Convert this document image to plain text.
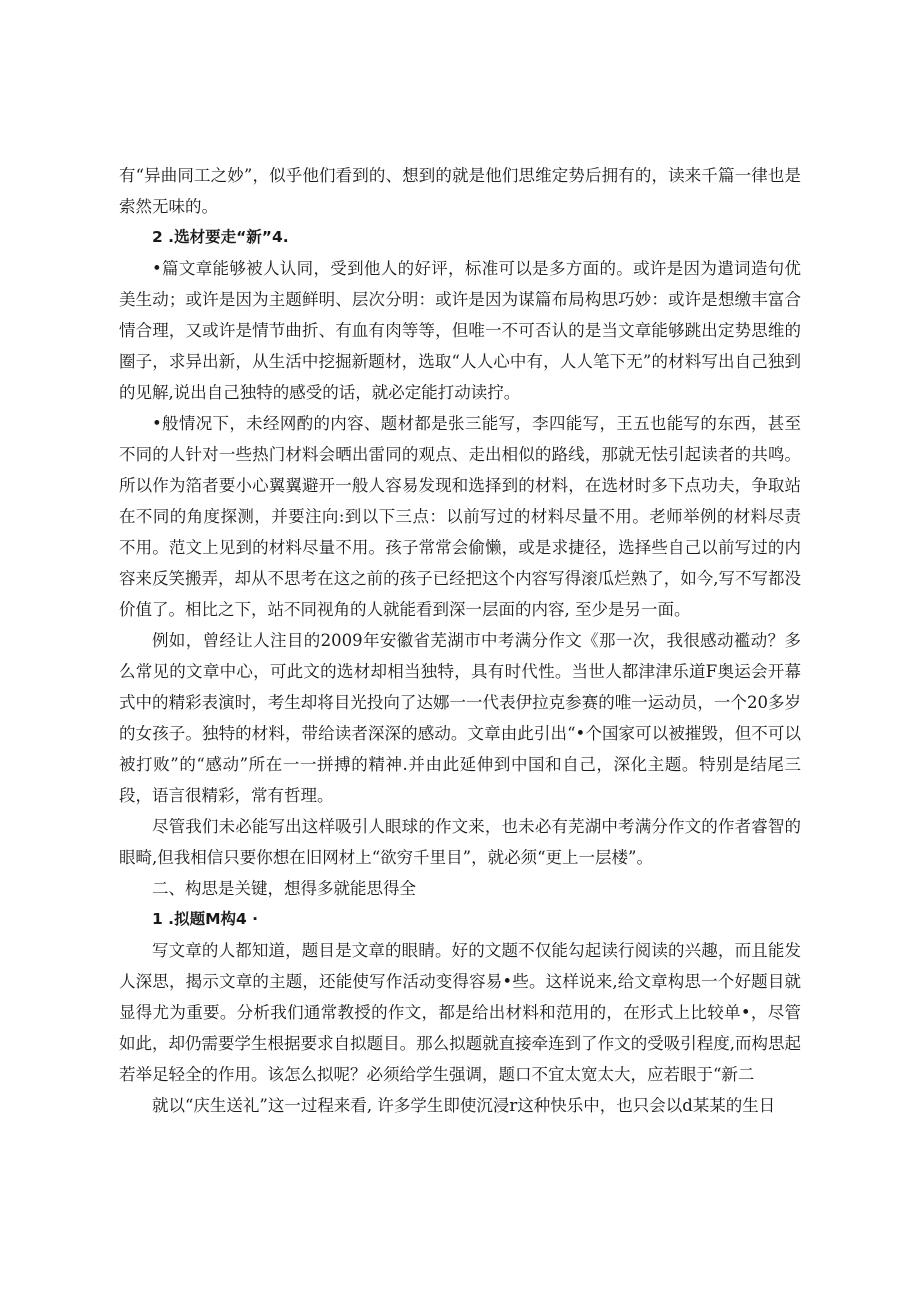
有“异曲同工之妙”，似乎他们看到的、想到的就是他们思维定势后拥有的，读来千篇一律也是索然无味的。

2 .选材要走“新”4.

•篇文章能够被人认同，受到他人的好评，标准可以是多方面的。或许是因为遣词造句优美生动；或许是因为主题鲜明、层次分明：或许是因为谋篇布局构思巧妙：或许是想缴丰富合情合理，又或许是情节曲折、有血有肉等等，但唯一不可否认的是当文章能够跳出定势思维的圈子，求异出新，从生活中挖掘新题材，选取“人人心中有，人人笔下无”的材料写出自己独到的见解,说出自己独特的感受的话，就必定能打动读拧。

•般情况下，未经网酌的内容、题材都是张三能写，李四能写，王五也能写的东西，甚至不同的人针对一些热门材料会晒出雷同的观点、走出相似的路线，那就无怯引起读者的共鸣。所以作为箔者要小心翼翼避开一般人容易发现和选择到的材料，在选材时多下点功夫，争取站在不同的角度探测，并要注向:到以下三点：以前写过的材料尽量不用。老师举例的材料尽责不用。范文上见到的材料尽量不用。孩子常常会偷懒，或是求捷径，选择些自己以前写过的内容来反笑搬弄，却从不思考在这之前的孩子已经把这个内容写得滚瓜烂熟了，如今,写不写都没价值了。相比之下，站不同视角的人就能看到深一层面的内容, 至少是另一面。

例如，曾经让人注目的2009年安徽省芜湖市中考满分作文《那一次，我很感动襤动？多么常见的文章中心，可此文的选材却相当独特，具有时代性。当世人都津津乐道F奥运会开幕式中的精彩表演时，考生却将目光投向了达娜一一代表伊拉克参赛的唯一运动员，一个20多岁的女孩子。独特的材料，带给读者深深的感动。文章由此引出“•个国家可以被摧毁，但不可以被打败”的“感动”所在一一拼搏的精神.并由此延伸到中国和自己，深化主题。特别是结尾三段，语言很精彩，常有哲理。

尽管我们未必能写出这样吸引人眼球的作文来，也未必有芜湖中考满分作文的作者睿智的眼畸,但我相信只要你想在旧网材上“欲穷千里目”，就必须“更上一层楼”。

二、构思是关键，想得多就能思得全

1 .拟题M构4 ·

写文章的人都知道，题目是文章的眼睛。好的文题不仅能勾起读行阅读的兴趣，而且能发人深思，揭示文章的主题，还能使写作活动变得容易•些。这样说来,给文章构思一个好题目就显得尤为重要。分析我们通常教授的作文，都是给出材料和范用的，在形式上比较单•，尽管如此，却仍需要学生根据要求自拟题目。那么拟题就直接牵连到了作文的受吸引程度,而构思起若举足轻全的作用。该怎么拟呢？必须给学生强调，题口不宜太宽太大，应若眼于“新二

就以“庆生送礼”这一过程来看, 许多学生即使沉浸r这种快乐中，也只会以d某某的生日
